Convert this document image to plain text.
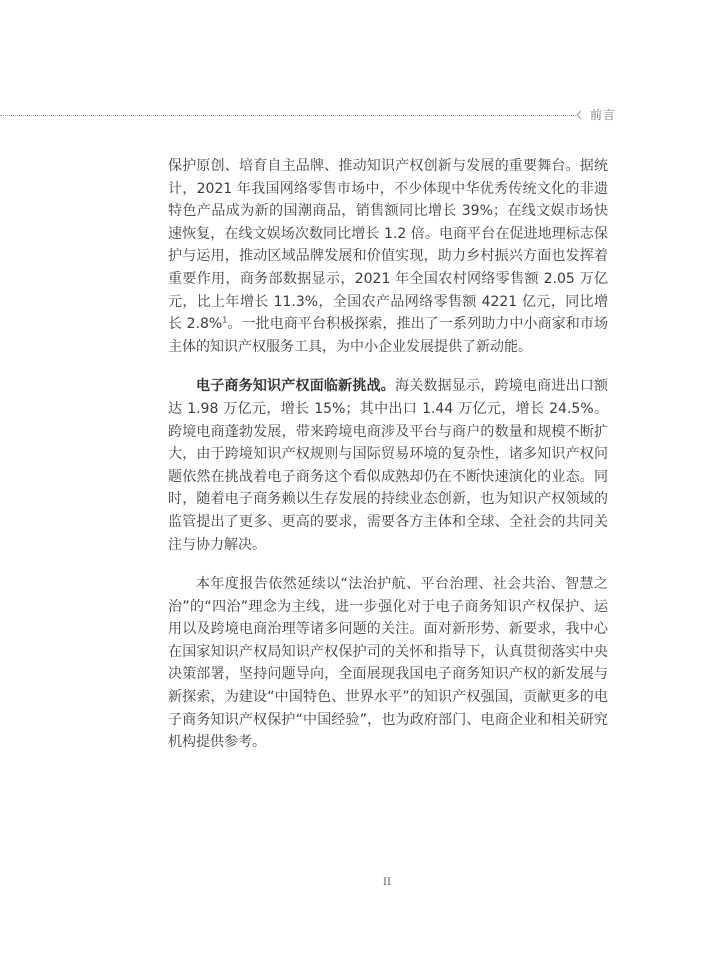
前言

保护原创、培育自主品牌、推动知识产权创新与发展的重要舞台。据统计，2021 年我国网络零售市场中，不少体现中华优秀传统文化的非遗特色产品成为新的国潮商品，销售额同比增长 39%；在线文娱市场快速恢复，在线文娱场次数同比增长 1.2 倍。电商平台在促进地理标志保护与运用，推动区域品牌发展和价值实现，助力乡村振兴方面也发挥着重要作用，商务部数据显示，2021 年全国农村网络零售额 2.05 万亿元，比上年增长 11.3%，全国农产品网络零售额 4221 亿元，同比增长 2.8%$^1$。一批电商平台积极探索，推出了一系列助力中小商家和市场主体的知识产权服务工具，为中小企业发展提供了新动能。

电子商务知识产权面临新挑战。海关数据显示，跨境电商进出口额达 1.98 万亿元，增长 15%；其中出口 1.44 万亿元，增长 24.5%。跨境电商蓬勃发展，带来跨境电商涉及平台与商户的数量和规模不断扩大，由于跨境知识产权规则与国际贸易环境的复杂性，诸多知识产权问题依然在挑战着电子商务这个看似成熟却仍在不断快速演化的业态。同时，随着电子商务赖以生存发展的持续业态创新，也为知识产权领域的监管提出了更多、更高的要求，需要各方主体和全球、全社会的共同关注与协力解决。

本年度报告依然延续以“法治护航、平台治理、社会共治、智慧之治”的“四治”理念为主线，进一步强化对于电子商务知识产权保护、运用以及跨境电商治理等诸多问题的关注。面对新形势、新要求，我中心在国家知识产权局知识产权保护司的关怀和指导下，认真贯彻落实中央决策部署，坚持问题导向，全面展现我国电子商务知识产权的新发展与新探索，为建设“中国特色、世界水平”的知识产权强国，贡献更多的电子商务知识产权保护“中国经验”，也为政府部门、电商企业和相关研究机构提供参考。

II
